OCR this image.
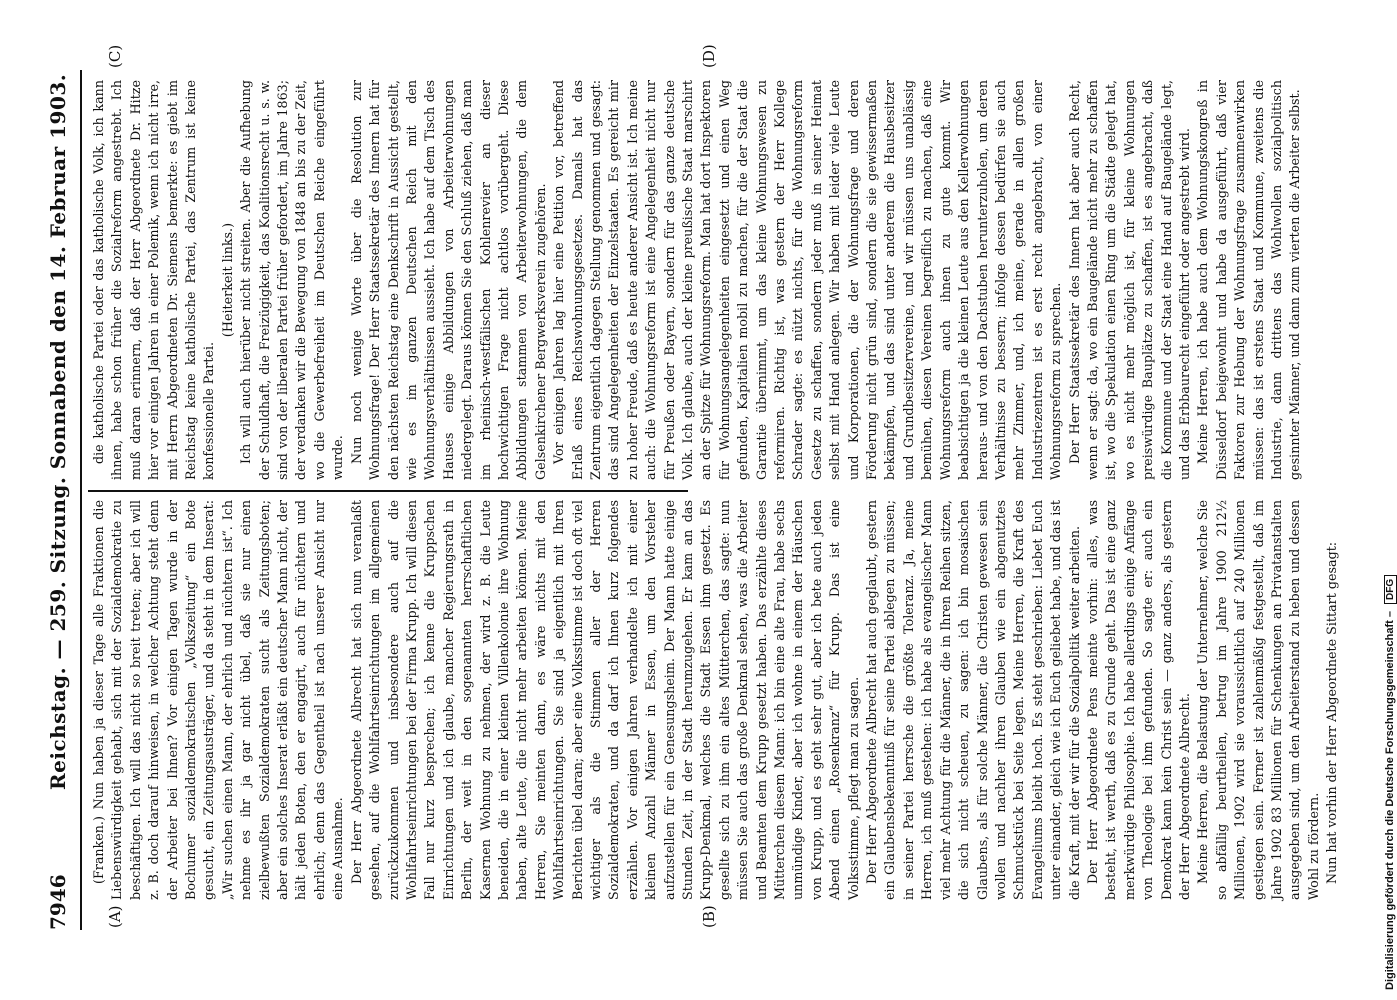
7946
Reichstag. — 259. Sitzung. Sonnabend den 14. Februar 1903.
(A)	(B)
(C)	(D)

(Franken.) Nun haben ja dieser Tage alle Fraktionen die Liebenswürdigkeit gehabt, sich mit der Sozialdemokratie zu beschäftigen. Ich will das nicht so breit treten; aber ich will z. B. doch darauf hinweisen, in welcher Achtung steht denn der Arbeiter bei Ihnen? Vor einigen Tagen wurde in der Bochumer sozialdemokratischen „Volkszeitung“ ein Bote gesucht, ein Zeitungsausträger, und da steht in dem Inserat: „Wir suchen einen Mann, der ehrlich und nüchtern ist“. Ich nehme es ihr ja gar nicht übel, daß sie nur einen zielbewußten Sozialdemokraten sucht als Zeitungsboten; aber ein solches Inserat erläßt ein deutscher Mann nicht, der hält jeden Boten, den er engagirt, auch für nüchtern und ehrlich; denn das Gegentheil ist nach unserer Ansicht nur eine Ausnahme. Der Herr Abgeordnete Albrecht hat sich nun veranlaßt gesehen, auf die Wohlfahrtseinrichtungen im allgemeinen zurückzukommen und insbesondere auch auf die Wohlfahrtseinrichtungen bei der Firma Krupp. Ich will diesen Fall nur kurz besprechen; ich kenne die Kruppschen Einrichtungen und ich glaube, mancher Regierungsrath in Berlin, der weit in den sogenannten herrschaftlichen Kasernen Wohnung zu nehmen, der wird z. B. die Leute beneiden, die in einer kleinen Villenkolonie ihre Wohnung haben, alte Leute, die nicht mehr arbeiten können. Meine Herren, Sie meinten dann, es wäre nichts mit den Wohlfahrtseinrichtungen. Sie sind ja eigentlich mit Ihren Berichten übel daran; aber eine Volksstimme ist doch oft viel wichtiger als die Stimmen aller der Herren Sozialdemokraten, und da darf ich Ihnen kurz folgendes erzählen. Vor einigen Jahren verhandelte ich mit einer kleinen Anzahl Männer in Essen, um den Vorsteher aufzustellen für ein Genesungsheim. Der Mann hatte einige Stunden Zeit, in der Stadt herumzugehen. Er kam an das Krupp-Denkmal, welches die Stadt Essen ihm gesetzt. Es gesellte sich zu ihm ein altes Mütterchen, das sagte: nun müssen Sie auch das große Denkmal sehen, was die Arbeiter und Beamten dem Krupp gesetzt haben. Das erzählte dieses Mütterchen diesem Mann: ich bin eine alte Frau, habe sechs unmündige Kinder, aber ich wohne in einem der Häuschen von Krupp, und es geht sehr gut, aber ich bete auch jeden Abend einen „Rosenkranz“ für Krupp. Das ist eine Volksstimme, pflegt man zu sagen. Der Herr Abgeordnete Albrecht hat auch geglaubt, gestern ein Glaubensbekenntniß für seine Partei ablegen zu müssen; in seiner Partei herrsche die größte Toleranz. Ja, meine Herren, ich muß gestehen: ich habe als evangelischer Mann viel mehr Achtung für die Männer, die in Ihren Reihen sitzen, die sich nicht scheuen, zu sagen: ich bin mosaischen Glaubens, als für solche Männer, die Christen gewesen sein wollen und nachher ihren Glauben wie ein abgenutztes Schmuckstück bei Seite legen. Meine Herren, die Kraft des Evangeliums bleibt hoch. Es steht geschrieben: Liebet Euch unter einander, gleich wie ich Euch geliebet habe, und das ist die Kraft, mit der wir für die Sozialpolitik weiter arbeiten. Der Herr Abgeordnete Pens meinte vorhin: alles, was besteht, ist werth, daß es zu Grunde geht. Das ist eine ganz merkwürdige Philosophie. Ich habe allerdings einige Anfänge von Theologie bei ihm gefunden. So sagte er: auch ein Demokrat kann kein Christ sein — ganz anders, als gestern der Herr Abgeordnete Albrecht. Meine Herren, die Belastung der Unternehmer, welche Sie so abfällig beurtheilen, betrug im Jahre 1900 212½ Millionen, 1902 wird sie voraussichtlich auf 240 Millionen gestiegen sein. Ferner ist zahlenmäßig festgestellt, daß im Jahre 1902 83 Millionen für Schenkungen an Privatanstalten ausgegeben sind, um den Arbeiterstand zu heben und dessen Wohl zu fördern. Nun hat vorhin der Herr Abgeordnete Sittart gesagt:

die katholische Partei oder das katholische Volk, ich kann ihnen, habe schon früher die Sozialreform angestrebt. Ich muß daran erinnern, daß der Herr Abgeordnete Dr. Hitze hier vor einigen Jahren in einer Polemik, wenn ich nicht irre, mit Herrn Abgeordneten Dr. Siemens bemerkte: es giebt im Reichstag keine katholische Partei, das Zentrum ist keine konfessionelle Partei.

(Heiterkeit links.) Ich will auch hierüber nicht streiten. Aber die Aufhebung der Schuldhaft, die Freizügigkeit, das Koalitionsrecht u. s. w. sind von der liberalen Partei früher gefordert, im Jahre 1863; der verdanken wir die Bewegung von 1848 an bis zu der Zeit, wo die Gewerbefreiheit im Deutschen Reiche eingeführt wurde. Nun noch wenige Worte über die Resolution zur Wohnungsfrage! Der Herr Staatssekretär des Innern hat für den nächsten Reichstag eine Denkschrift in Aussicht gestellt, wie es im ganzen Deutschen Reich mit den Wohnungsverhältnissen aussieht. Ich habe auf dem Tisch des Hauses einige Abbildungen von Arbeiterwohnungen niedergelegt. Daraus können Sie den Schluß ziehen, daß man im rheinisch-westfälischen Kohlenrevier an dieser hochwichtigen Frage nicht achtlos vorübergeht. Diese Abbildungen stammen von Arbeiterwohnungen, die dem Gelsenkirchener Bergwerksverein zugehören. Vor einigen Jahren lag hier eine Petition vor, betreffend Erlaß eines Reichswohnungsgesetzes. Damals hat das Zentrum eigentlich dagegen Stellung genommen und gesagt: das sind Angelegenheiten der Einzelstaaten. Es gereicht mir zu hoher Freude, daß es heute anderer Ansicht ist. Ich meine auch: die Wohnungsreform ist eine Angelegenheit nicht nur für Preußen oder Bayern, sondern für das ganze deutsche Volk. Ich glaube, auch der kleine preußische Staat marschirt an der Spitze für Wohnungsreform. Man hat dort Inspektoren für Wohnungsangelegenheiten eingesetzt und einen Weg gefunden, Kapitalien mobil zu machen, für die der Staat die Garantie übernimmt, um das kleine Wohnungswesen zu reformiren. Richtig ist, was gestern der Herr Kollege Schrader sagte: es nützt nichts, für die Wohnungsreform Gesetze zu schaffen, sondern jeder muß in seiner Heimat selbst mit Hand anlegen. Wir haben mit leider viele Leute und Korporationen, die der Wohnungsfrage und deren Förderung nicht grün sind, sondern die sie gewissermaßen bekämpfen, und das sind unter anderem die Hausbesitzer und Grundbesitzervereine, und wir müssen uns unablässig bemühen, diesen Vereinen begreiflich zu machen, daß eine Wohnungsreform auch ihnen zu gute kommt. Wir beabsichtigen ja die kleinen Leute aus den Kellerwohnungen heraus- und von den Dachstuben herunterzuholen, um deren Verhältnisse zu bessern; infolge dessen bedürfen sie auch mehr Zimmer, und, ich meine, gerade in allen großen Industriezentren ist es erst recht angebracht, von einer Wohnungsreform zu sprechen. Der Herr Staatssekretär des Innern hat aber auch Recht, wenn er sagt: da, wo ein Baugelände nicht mehr zu schaffen ist, wo die Spekulation einen Ring um die Städte gelegt hat, wo es nicht mehr möglich ist, für kleine Wohnungen preiswürdige Bauplätze zu schaffen, ist es angebracht, daß die Kommune und der Staat eine Hand auf Baugelände legt, und das Erbbaurecht eingeführt oder angestrebt wird. Meine Herren, ich habe auch dem Wohnungskongreß in Düsseldorf beigewohnt und habe da ausgeführt, daß vier Faktoren zur Hebung der Wohnungsfrage zusammenwirken müssen: das ist erstens Staat und Kommune, zweitens die Industrie, dann drittens das Wohlwollen sozialpolitisch gesinnter Männer, und dann zum vierten die Arbeiter selbst.

Digitalisierung gefördert durch die Deutsche Forschungsgemeinschaft – DFG
